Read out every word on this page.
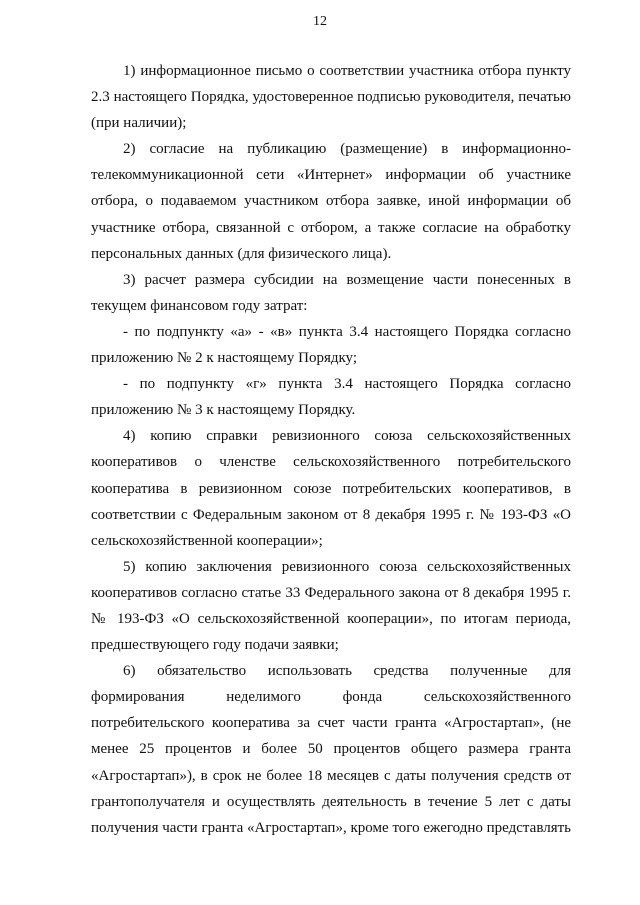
12

1) информационное письмо о соответствии участника отбора пункту 2.3 настоящего Порядка, удостоверенное подписью руководителя, печатью (при наличии);

2) согласие на публикацию (размещение) в информационно-телекоммуникационной сети «Интернет» информации об участнике отбора, о подаваемом участником отбора заявке, иной информации об участнике отбора, связанной с отбором, а также согласие на обработку персональных данных (для физического лица).

3) расчет размера субсидии на возмещение части понесенных в текущем финансовом году затрат:

- по подпункту «а» - «в» пункта 3.4 настоящего Порядка согласно приложению № 2 к настоящему Порядку;

- по подпункту «г» пункта 3.4 настоящего Порядка согласно приложению № 3 к настоящему Порядку.

4) копию справки ревизионного союза сельскохозяйственных кооперативов о членстве сельскохозяйственного потребительского кооператива в ревизионном союзе потребительских кооперативов, в соответствии с Федеральным законом от 8 декабря 1995 г. № 193-ФЗ «О сельскохозяйственной кооперации»;

5) копию заключения ревизионного союза сельскохозяйственных кооперативов согласно статье 33 Федерального закона от 8 декабря 1995 г. № 193-ФЗ «О сельскохозяйственной кооперации», по итогам периода, предшествующего году подачи заявки;

6) обязательство использовать средства полученные для формирования неделимого фонда сельскохозяйственного потребительского кооператива за счет части гранта «Агростартап», (не менее 25 процентов и более 50 процентов общего размера гранта «Агростартап»), в срок не более 18 месяцев с даты получения средств от грантополучателя и осуществлять деятельность в течение 5 лет с даты получения части гранта «Агростартап», кроме того ежегодно представлять
